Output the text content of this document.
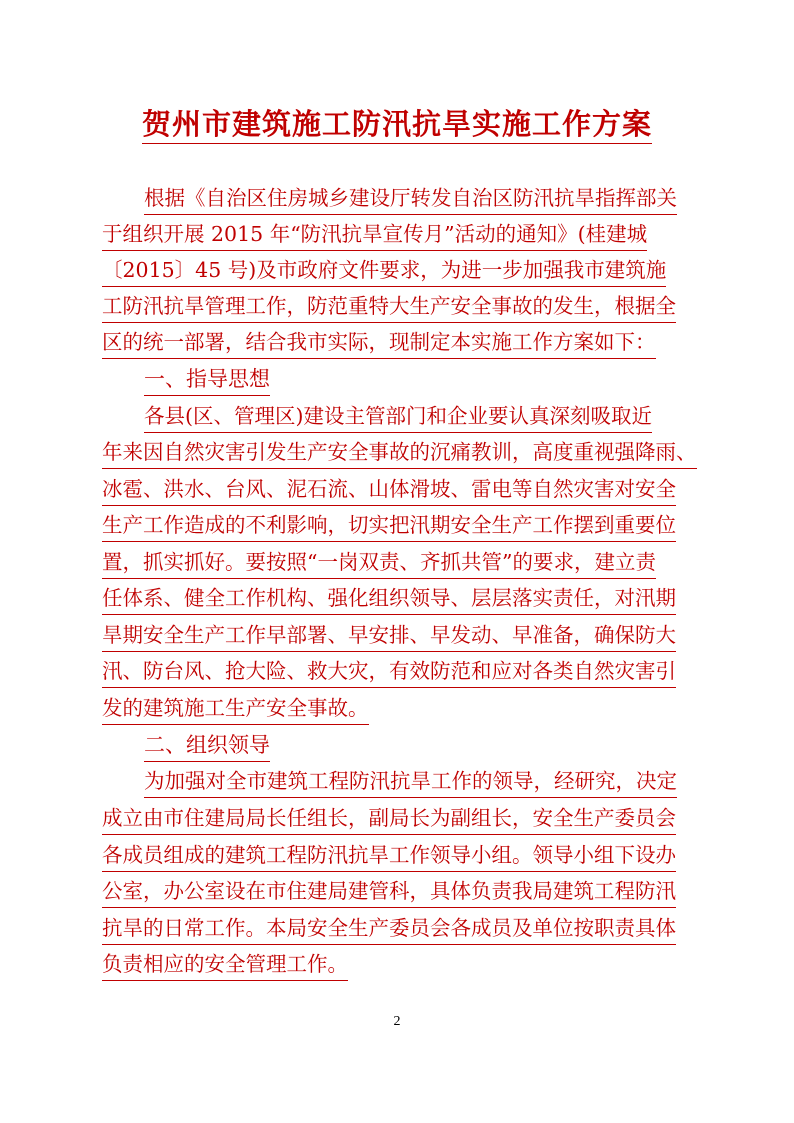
贺州市建筑施工防汛抗旱实施工作方案
根据《自治区住房城乡建设厅转发自治区防汛抗旱指挥部关
于组织开展 2015 年“防汛抗旱宣传月”活动的通知》(桂建城
〔2015〕45 号)及市政府文件要求，为进一步加强我市建筑施
工防汛抗旱管理工作，防范重特大生产安全事故的发生，根据全
区的统一部署，结合我市实际，现制定本实施工作方案如下：
一、指导思想
各县(区、管理区)建设主管部门和企业要认真深刻吸取近
年来因自然灾害引发生产安全事故的沉痛教训，高度重视强降雨、
冰雹、洪水、台风、泥石流、山体滑坡、雷电等自然灾害对安全
生产工作造成的不利影响，切实把汛期安全生产工作摆到重要位
置，抓实抓好。要按照“一岗双责、齐抓共管”的要求，建立责
任体系、健全工作机构、强化组织领导、层层落实责任，对汛期
旱期安全生产工作早部署、早安排、早发动、早准备，确保防大
汛、防台风、抢大险、救大灾，有效防范和应对各类自然灾害引
发的建筑施工生产安全事故。
二、组织领导
为加强对全市建筑工程防汛抗旱工作的领导，经研究，决定
成立由市住建局局长任组长，副局长为副组长，安全生产委员会
各成员组成的建筑工程防汛抗旱工作领导小组。领导小组下设办
公室，办公室设在市住建局建管科，具体负责我局建筑工程防汛
抗旱的日常工作。本局安全生产委员会各成员及单位按职责具体
负责相应的安全管理工作。
2
